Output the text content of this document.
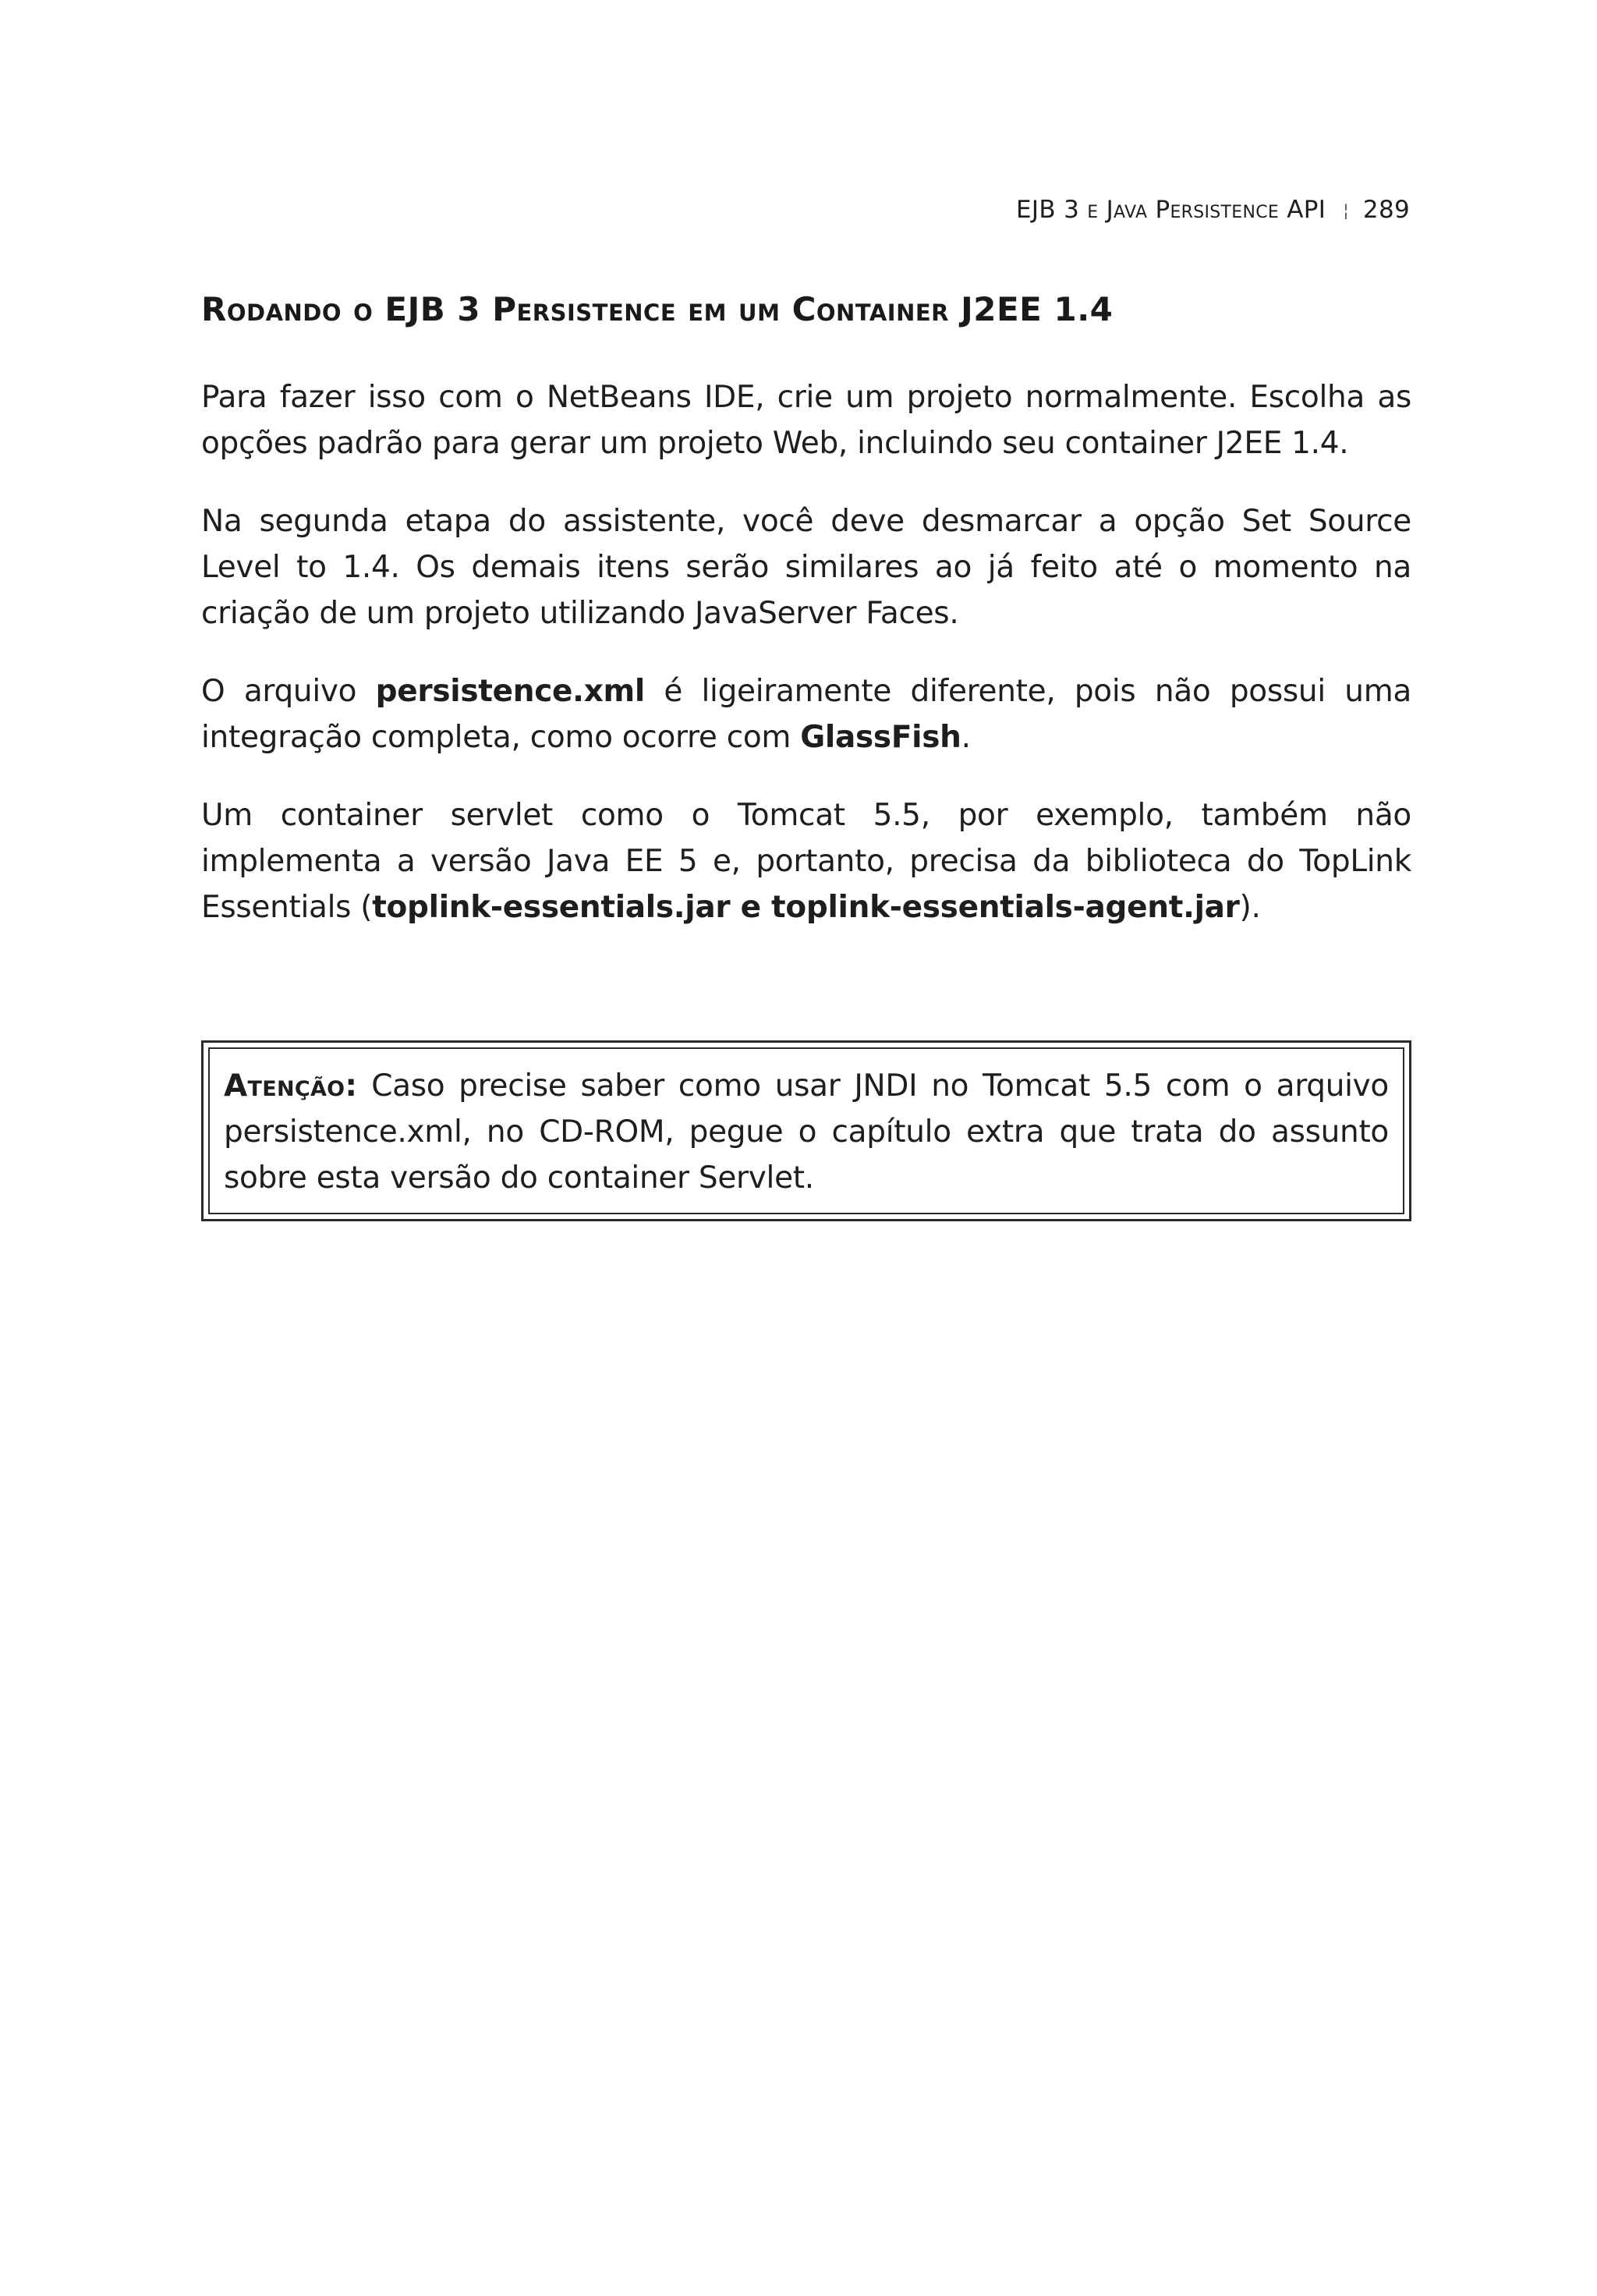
EJB 3 e Java Persistence API ¦ 289
Rodando o EJB 3 Persistence em um Container J2EE 1.4

Para fazer isso com o NetBeans IDE, crie um projeto normalmente. Escolha as opções padrão para gerar um projeto Web, incluindo seu container J2EE 1.4.

Na segunda etapa do assistente, você deve desmarcar a opção Set Source Level to 1.4. Os demais itens serão similares ao já feito até o momento na criação de um projeto utilizando JavaServer Faces.

O arquivo persistence.xml é ligeiramente diferente, pois não possui uma integração completa, como ocorre com GlassFish.

Um container servlet como o Tomcat 5.5, por exemplo, também não implementa a versão Java EE 5 e, portanto, precisa da biblioteca do TopLink Essentials (toplink-essentials.jar e toplink-essentials-agent.jar).

Atenção: Caso precise saber como usar JNDI no Tomcat 5.5 com o arquivo persistence.xml, no CD-ROM, pegue o capítulo extra que trata do assunto sobre esta versão do container Servlet.
